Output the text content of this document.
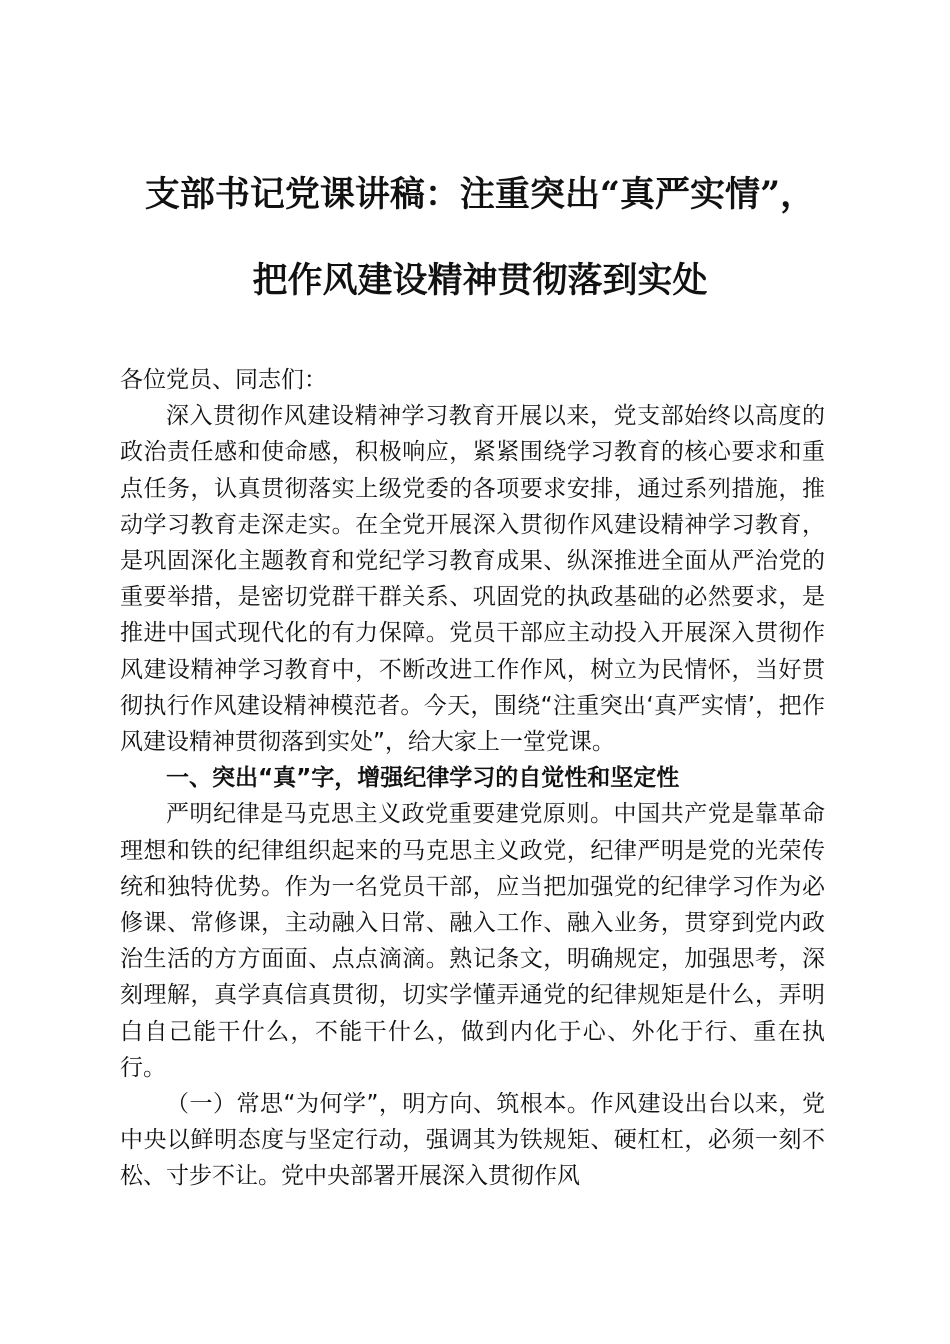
支部书记党课讲稿：注重突出“真严实情”，
把作风建设精神贯彻落到实处

各位党员、同志们：

深入贯彻作风建设精神学习教育开展以来，党支部始终以高度的政治责任感和使命感，积极响应，紧紧围绕学习教育的核心要求和重点任务，认真贯彻落实上级党委的各项要求安排，通过系列措施，推动学习教育走深走实。在全党开展深入贯彻作风建设精神学习教育，是巩固深化主题教育和党纪学习教育成果、纵深推进全面从严治党的重要举措，是密切党群干群关系、巩固党的执政基础的必然要求，是推进中国式现代化的有力保障。党员干部应主动投入开展深入贯彻作风建设精神学习教育中，不断改进工作作风，树立为民情怀，当好贯彻执行作风建设精神模范者。今天，围绕“注重突出‘真严实情’，把作风建设精神贯彻落到实处”，给大家上一堂党课。

一、突出“真”字，增强纪律学习的自觉性和坚定性

严明纪律是马克思主义政党重要建党原则。中国共产党是靠革命理想和铁的纪律组织起来的马克思主义政党，纪律严明是党的光荣传统和独特优势。作为一名党员干部，应当把加强党的纪律学习作为必修课、常修课，主动融入日常、融入工作、融入业务，贯穿到党内政治生活的方方面面、点点滴滴。熟记条文，明确规定，加强思考，深刻理解，真学真信真贯彻，切实学懂弄通党的纪律规矩是什么，弄明白自己能干什么，不能干什么，做到内化于心、外化于行、重在执行。

（一）常思“为何学”，明方向、筑根本。作风建设出台以来，党中央以鲜明态度与坚定行动，强调其为铁规矩、硬杠杠，必须一刻不松、寸步不让。党中央部署开展深入贯彻作风
